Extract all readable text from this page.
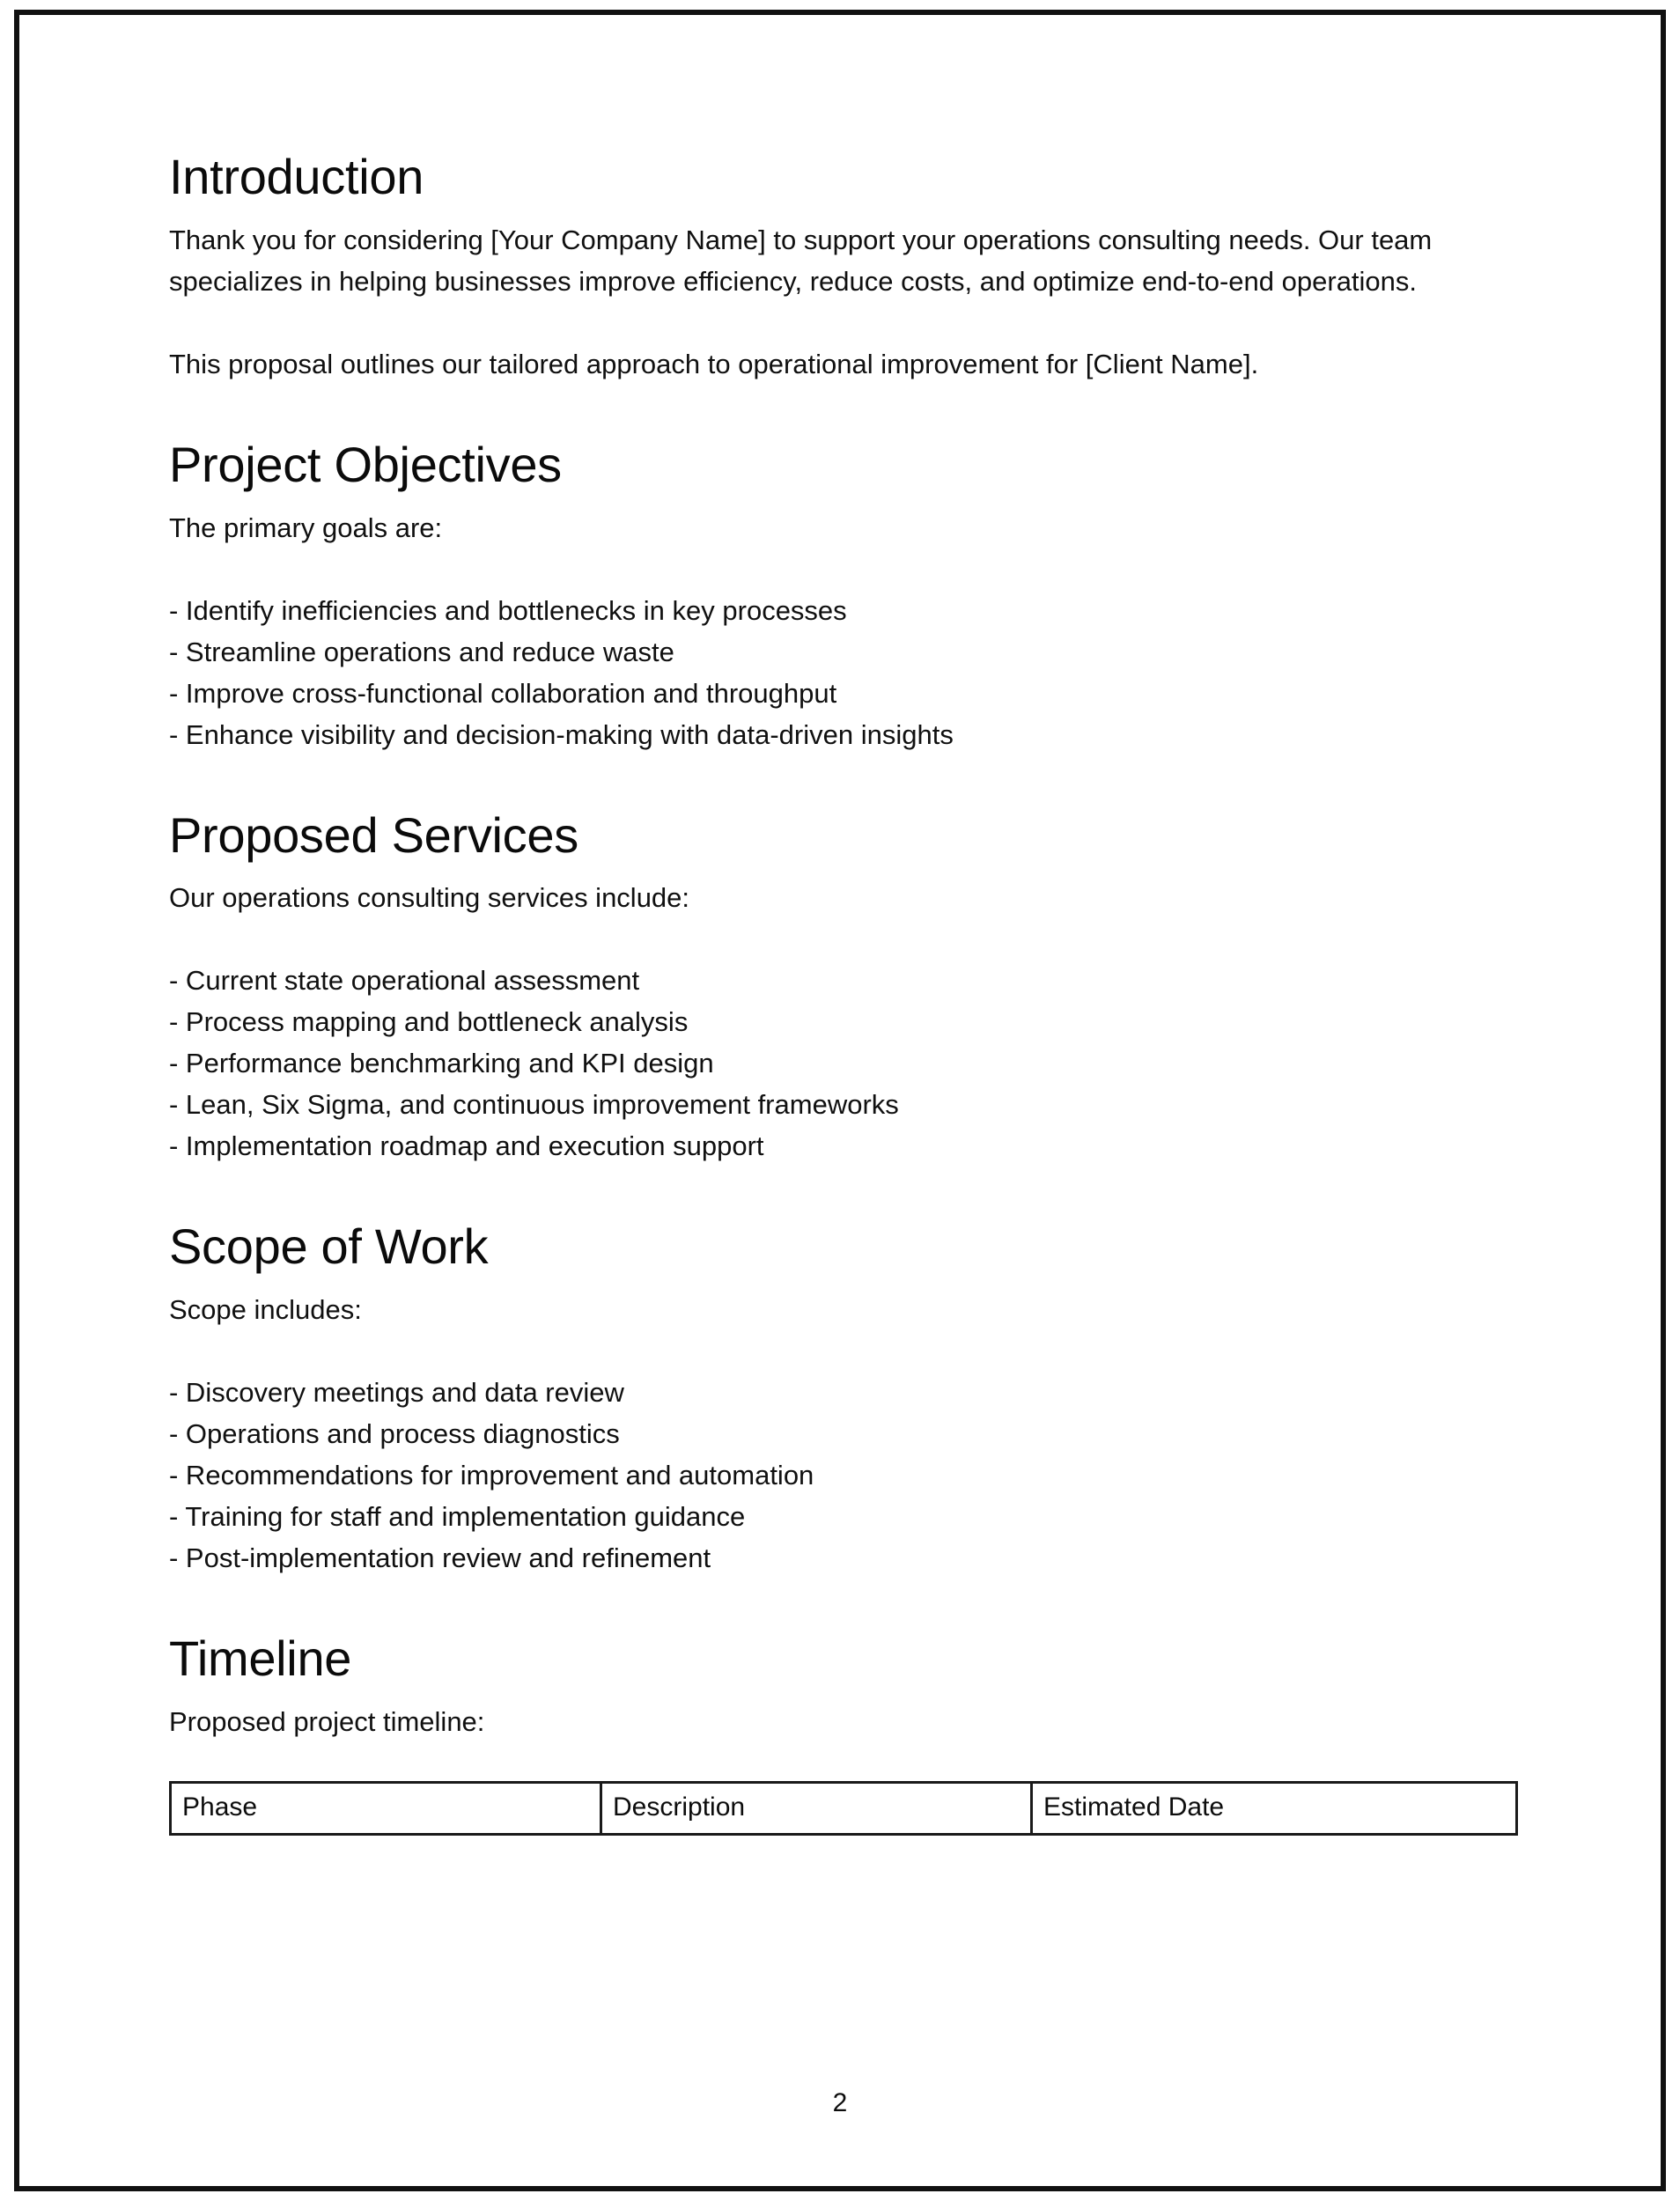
Introduction

Thank you for considering [Your Company Name] to support your operations consulting needs. Our team specializes in helping businesses improve efficiency, reduce costs, and optimize end-to-end operations.

This proposal outlines our tailored approach to operational improvement for [Client Name].

Project Objectives

The primary goals are:

- Identify inefficiencies and bottlenecks in key processes
- Streamline operations and reduce waste
- Improve cross-functional collaboration and throughput
- Enhance visibility and decision-making with data-driven insights
Proposed Services

Our operations consulting services include:

- Current state operational assessment
- Process mapping and bottleneck analysis
- Performance benchmarking and KPI design
- Lean, Six Sigma, and continuous improvement frameworks
- Implementation roadmap and execution support
Scope of Work

Scope includes:

- Discovery meetings and data review
- Operations and process diagnostics
- Recommendations for improvement and automation
- Training for staff and implementation guidance
- Post-implementation review and refinement
Timeline

Proposed project timeline:

Phase	Description	Estimated Date
2
